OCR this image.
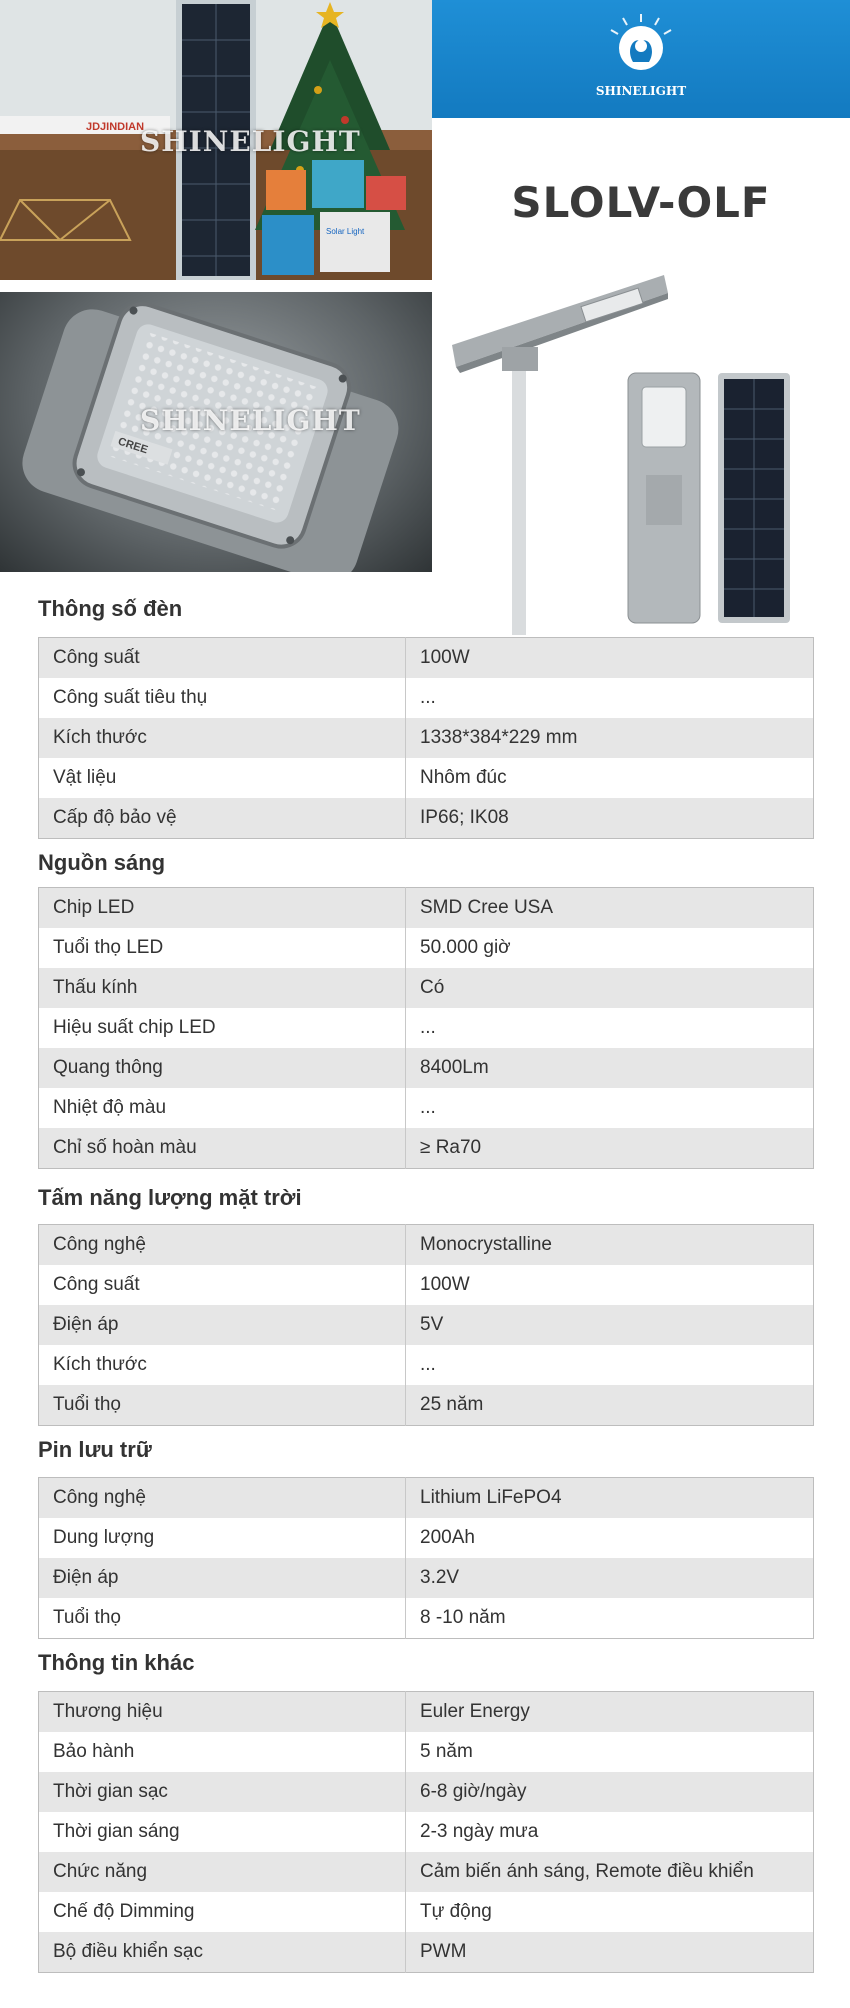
JDJINDIAN
Solar Light
SHINELIGHT
CREE
SHINELIGHT
SHINELIGHT
SLOLV-OLF
Thông số đèn
Công suất	100W
Công suất tiêu thụ	...
Kích thước	1338*384*229 mm
Vật liệu	Nhôm đúc
Cấp độ bảo vệ	IP66; IK08
Nguồn sáng
Chip LED	SMD Cree USA
Tuổi thọ LED	50.000 giờ
Thấu kính	Có
Hiệu suất chip LED	...
Quang thông	8400Lm
Nhiệt độ màu	...
Chỉ số hoàn màu	≥ Ra70
Tấm năng lượng mặt trời
Công nghệ	Monocrystalline
Công suất	100W
Điện áp	5V
Kích thước	...
Tuổi thọ	25 năm
Pin lưu trữ
Công nghệ	Lithium LiFePO4
Dung lượng	200Ah
Điện áp	3.2V
Tuổi thọ	8 -10 năm
Thông tin khác
Thương hiệu	Euler Energy
Bảo hành	5 năm
Thời gian sạc	6-8 giờ/ngày
Thời gian sáng	2-3 ngày mưa
Chức năng	Cảm biến ánh sáng, Remote điều khiển
Chế độ Dimming	Tự động
Bộ điều khiển sạc	PWM
